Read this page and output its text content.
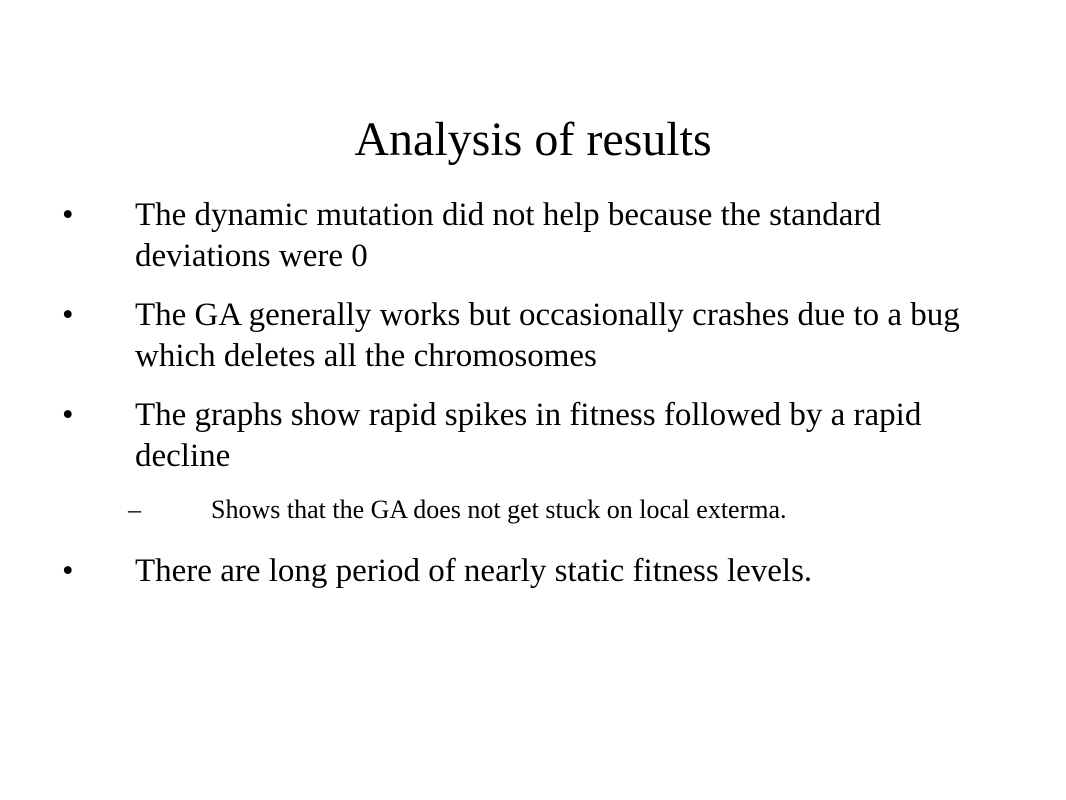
Analysis of results
• The dynamic mutation did not help because the standard deviations were 0
• The GA generally works but occasionally crashes due to a bug which deletes all the chromosomes
• The graphs show rapid spikes in fitness followed by a rapid decline
–	Shows that the GA does not get stuck on local exterma.
• There are long period of nearly static fitness levels.
